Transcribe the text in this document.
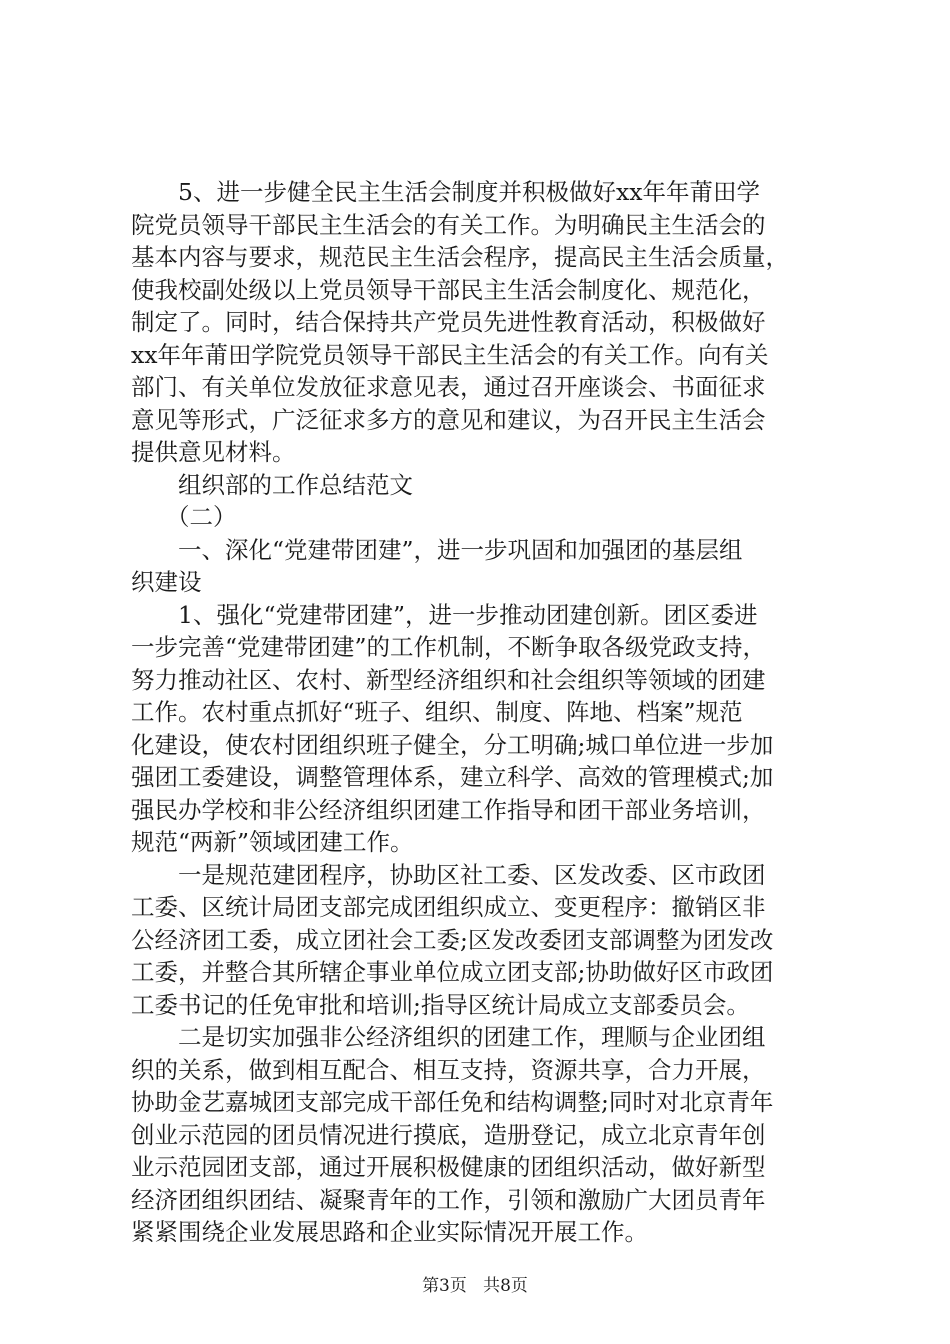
5、进一步健全民主生活会制度并积极做好xx年年莆田学
院党员领导干部民主生活会的有关工作。为明确民主生活会的
基本内容与要求，规范民主生活会程序，提高民主生活会质量，
使我校副处级以上党员领导干部民主生活会制度化、规范化，
制定了。同时，结合保持共产党员先进性教育活动，积极做好
xx年年莆田学院党员领导干部民主生活会的有关工作。向有关
部门、有关单位发放征求意见表，通过召开座谈会、书面征求
意见等形式，广泛征求多方的意见和建议，为召开民主生活会
提供意见材料。
组织部的工作总结范文
（二）
一、深化“党建带团建”，进一步巩固和加强团的基层组
织建设
1、强化“党建带团建”，进一步推动团建创新。团区委进
一步完善“党建带团建”的工作机制，不断争取各级党政支持，
努力推动社区、农村、新型经济组织和社会组织等领域的团建
工作。农村重点抓好“班子、组织、制度、阵地、档案”规范
化建设，使农村团组织班子健全，分工明确;城口单位进一步加
强团工委建设，调整管理体系，建立科学、高效的管理模式;加
强民办学校和非公经济组织团建工作指导和团干部业务培训，
规范“两新”领域团建工作。
一是规范建团程序，协助区社工委、区发改委、区市政团
工委、区统计局团支部完成团组织成立、变更程序：撤销区非
公经济团工委，成立团社会工委;区发改委团支部调整为团发改
工委，并整合其所辖企事业单位成立团支部;协助做好区市政团
工委书记的任免审批和培训;指导区统计局成立支部委员会。
二是切实加强非公经济组织的团建工作，理顺与企业团组
织的关系，做到相互配合、相互支持，资源共享，合力开展，
协助金艺嘉城团支部完成干部任免和结构调整;同时对北京青年
创业示范园的团员情况进行摸底，造册登记，成立北京青年创
业示范园团支部，通过开展积极健康的团组织活动，做好新型
经济团组织团结、凝聚青年的工作，引领和激励广大团员青年
紧紧围绕企业发展思路和企业实际情况开展工作。
第3页 共8页
